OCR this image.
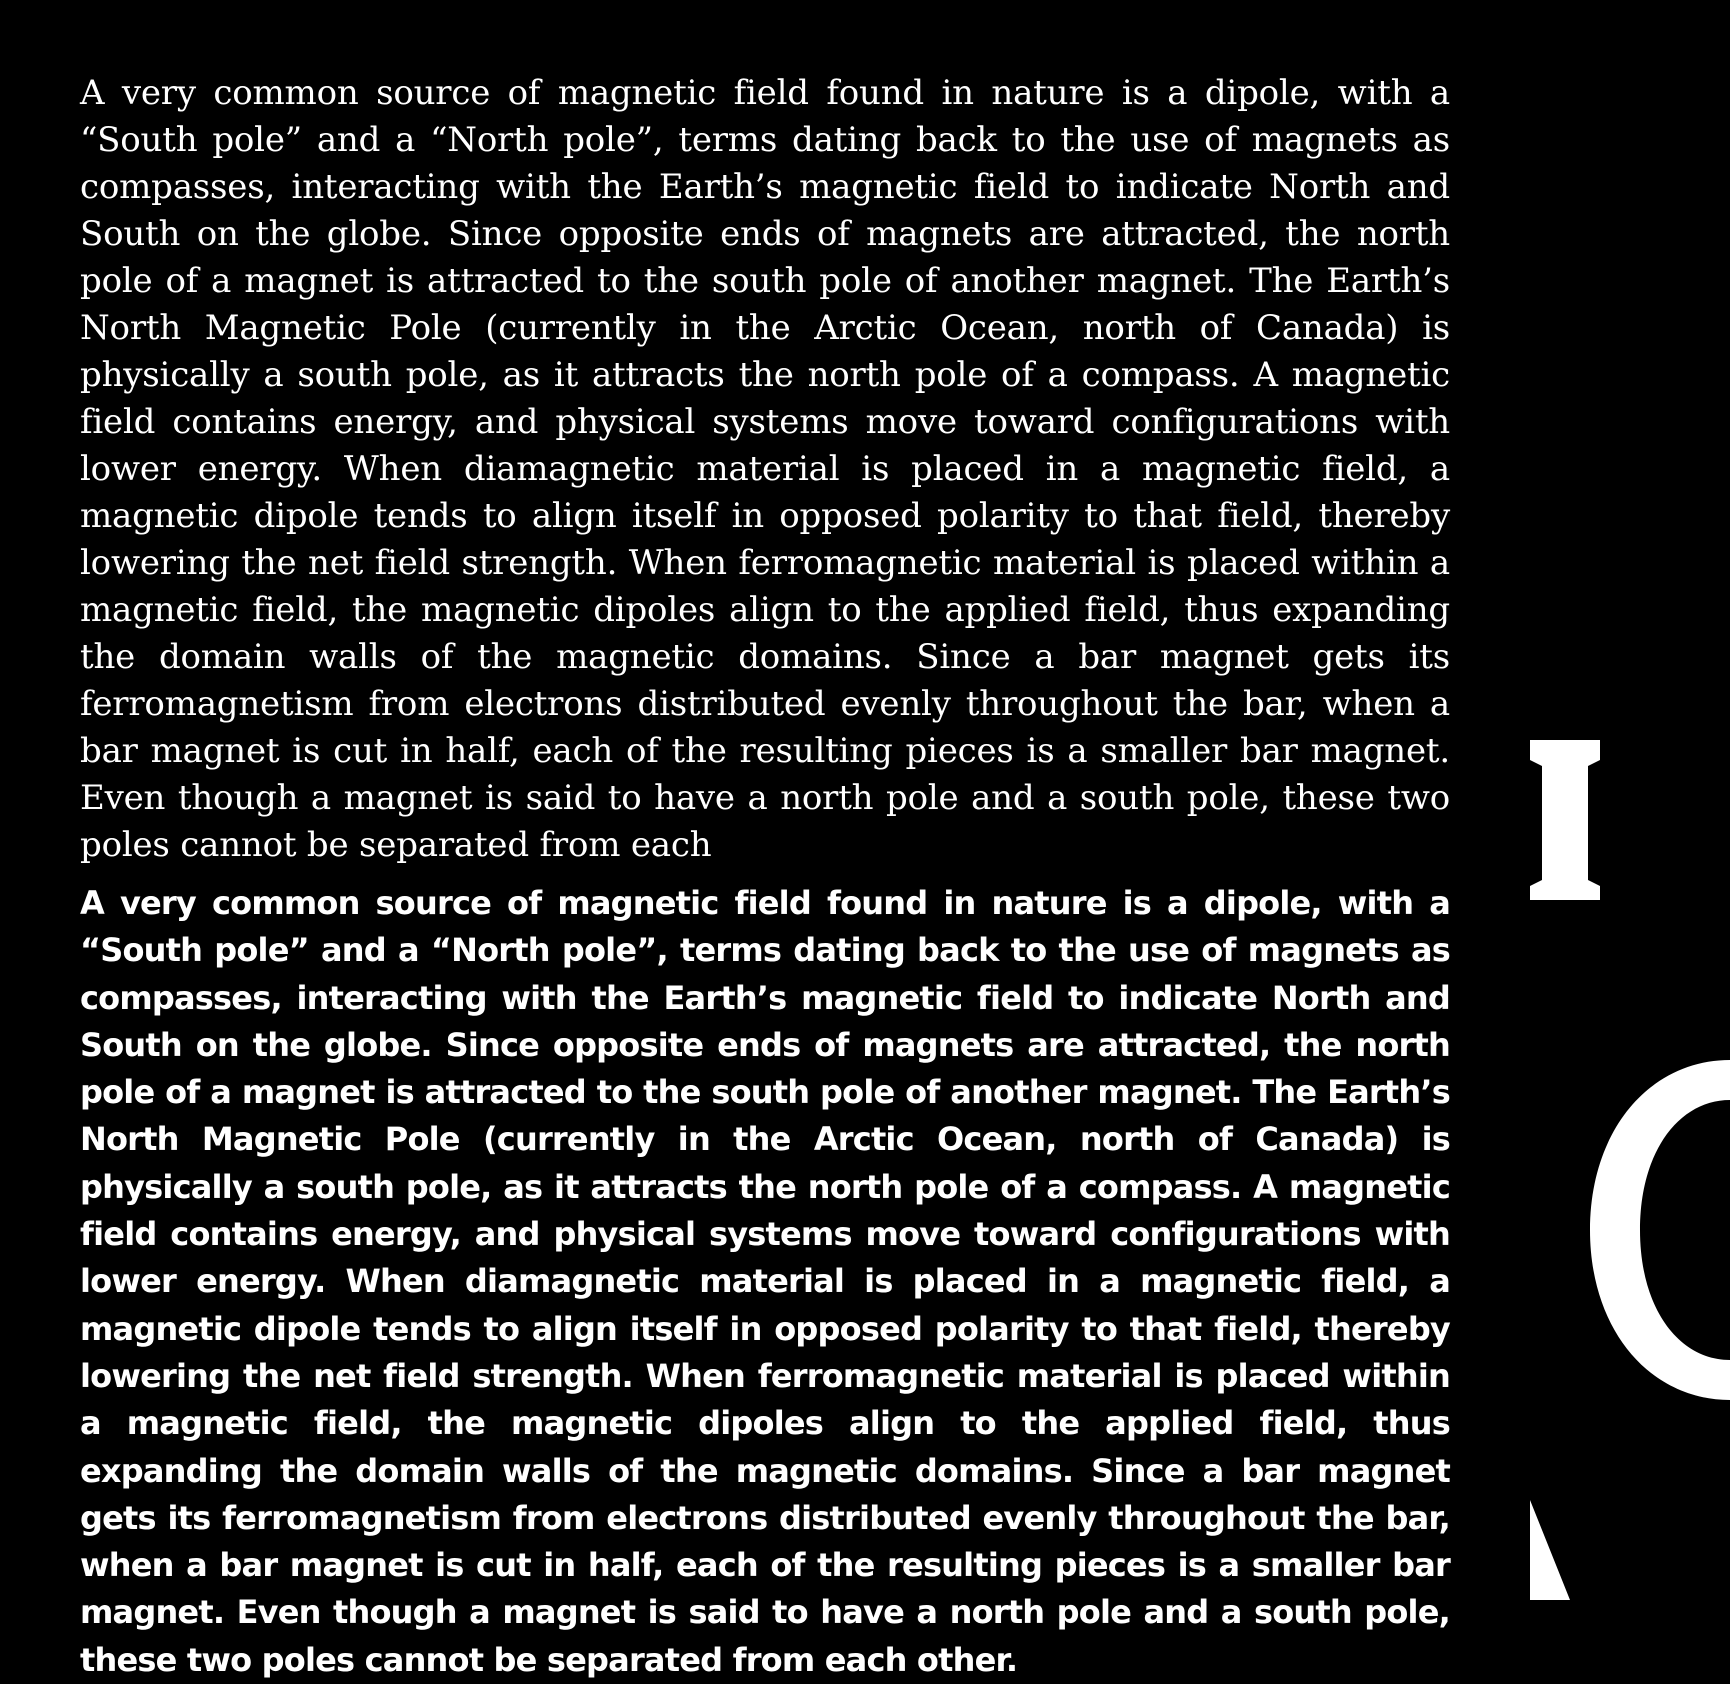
A very common source of magnetic field found in nature is a dipole, with a “South pole” and a “North pole”, terms dating back to the use of magnets as compasses, interacting with the Earth’s magnetic field to indicate North and South on the globe. Since opposite ends of magnets are attracted, the north pole of a magnet is attracted to the south pole of another magnet. The Earth’s North Magnetic Pole (currently in the Arctic Ocean, north of Canada) is physically a south pole, as it attracts the north pole of a compass. A magnetic field contains energy, and physical systems move toward configurations with lower energy. When diamagnetic material is placed in a magnetic field, a magnetic dipole tends to align itself in opposed polarity to that field, thereby lowering the net field strength. When ferromagnetic material is placed within a magnetic field, the magnetic dipoles align to the applied field, thus expanding the domain walls of the magnetic domains. Since a bar magnet gets its ferromagnetism from electrons distributed evenly throughout the bar, when a bar magnet is cut in half, each of the resulting pieces is a smaller bar magnet. Even though a magnet is said to have a north pole and a south pole, these two poles cannot be separated from each

A very common source of magnetic field found in nature is a dipole, with a “South pole” and a “North pole”, terms dating back to the use of magnets as compasses, interacting with the Earth’s magnetic field to indicate North and South on the globe. Since opposite ends of magnets are attracted, the north pole of a magnet is attracted to the south pole of another magnet. The Earth’s North Magnetic Pole (currently in the Arctic Ocean, north of Canada) is physically a south pole, as it attracts the north pole of a compass. A magnetic field contains energy, and physical systems move toward configurations with lower energy. When diamagnetic material is placed in a magnetic field, a magnetic dipole tends to align itself in opposed polarity to that field, thereby lowering the net field strength. When ferromagnetic material is placed within a magnetic field, the magnetic dipoles align to the applied field, thus expanding the domain walls of the magnetic domains. Since a bar magnet gets its ferromagnetism from electrons distributed evenly throughout the bar, when a bar magnet is cut in half, each of the resulting pieces is a smaller bar magnet. Even though a magnet is said to have a north pole and a south pole, these two poles cannot be separated from each other.
